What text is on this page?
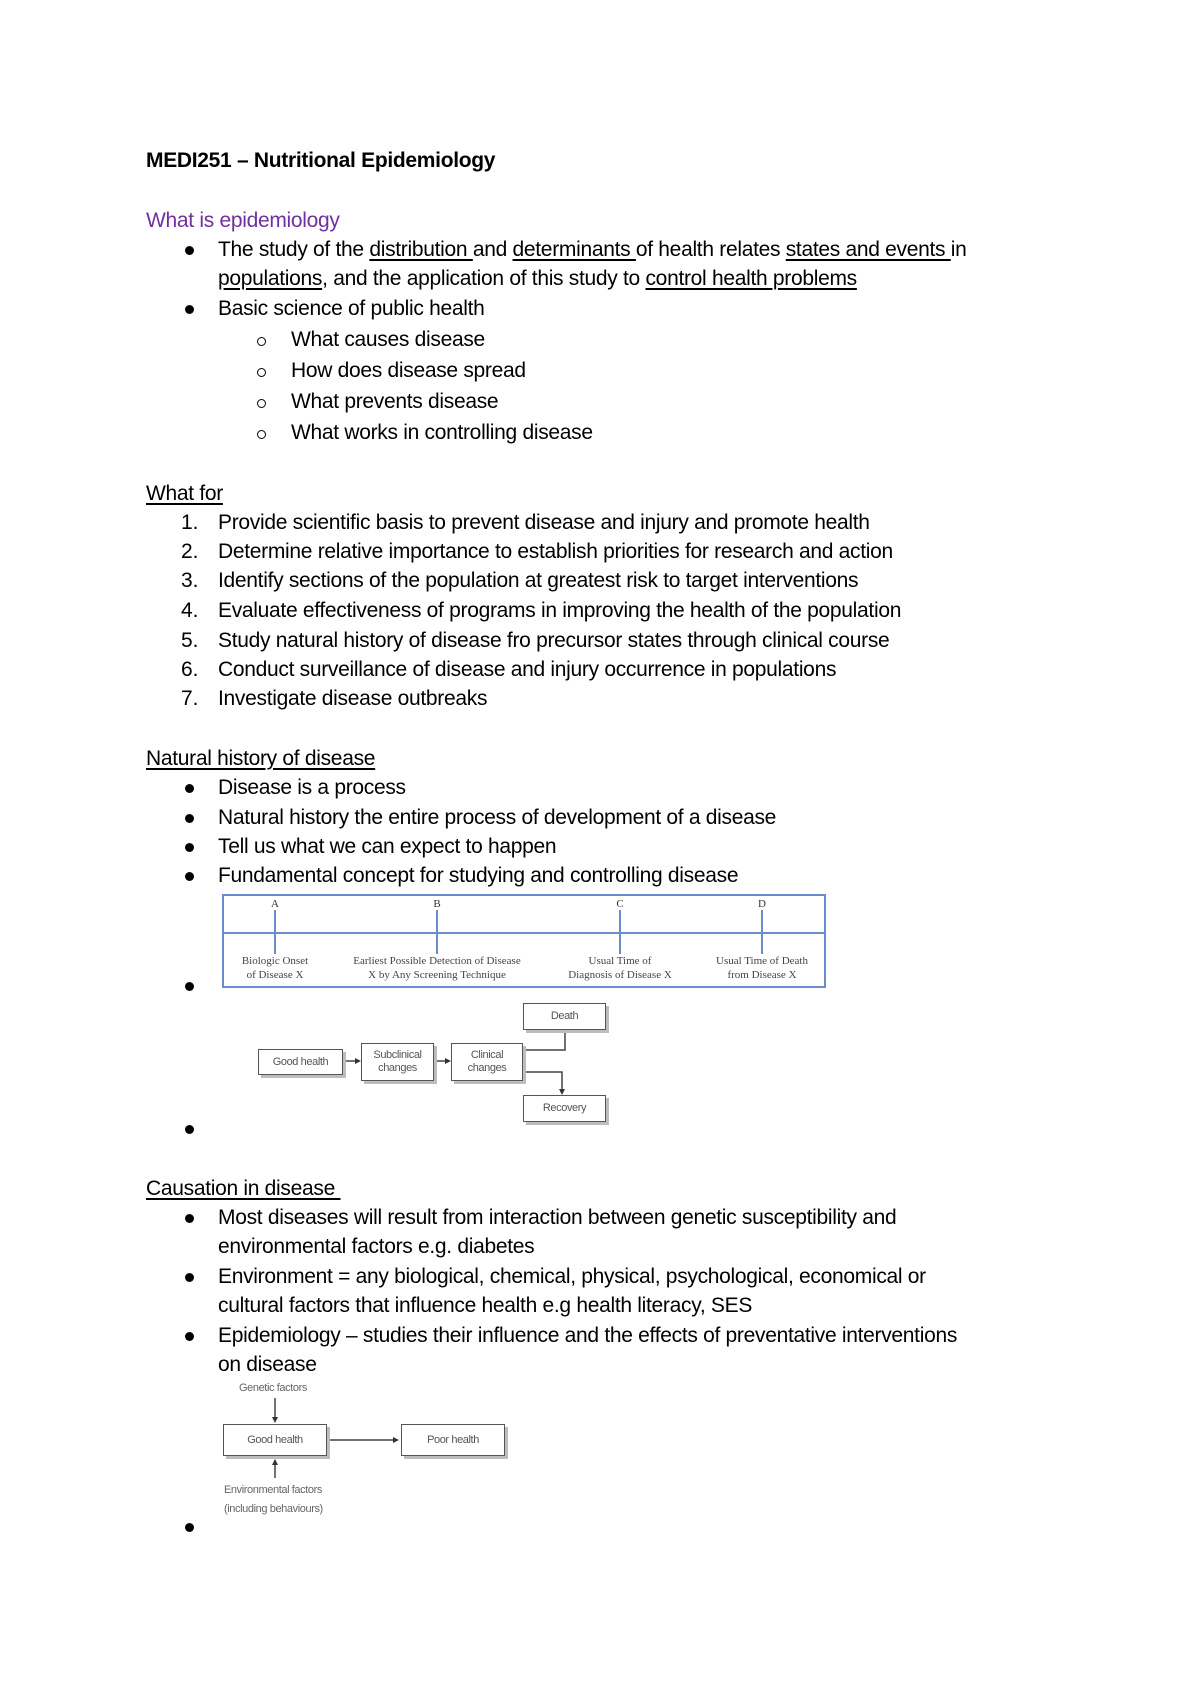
MEDI251 – Nutritional Epidemiology
What is epidemiology
The study of the distribution and determinants of health relates states and events in
populations, and the application of this study to control health problems
Basic science of public health
What causes disease
How does disease spread
What prevents disease
What works in controlling disease
What for
1. Provide scientific basis to prevent disease and injury and promote health
2. Determine relative importance to establish priorities for research and action
3. Identify sections of the population at greatest risk to target interventions
4. Evaluate effectiveness of programs in improving the health of the population
5. Study natural history of disease fro precursor states through clinical course
6. Conduct surveillance of disease and injury occurrence in populations
7. Investigate disease outbreaks
Natural history of disease
Disease is a process
Natural history the entire process of development of a disease
Tell us what we can expect to happen
Fundamental concept for studying and controlling disease
A	B	C	D
Biologic Onset
of Disease X
Earliest Possible Detection of Disease
X by Any Screening Technique
Usual Time of
Diagnosis of Disease X
Usual Time of Death
from Disease X
Good health
Subclinical
changes
Clinical
changes
Death
Recovery
Causation in disease
Most diseases will result from interaction between genetic susceptibility and
environmental factors e.g. diabetes
Environment = any biological, chemical, physical, psychological, economical or
cultural factors that influence health e.g health literacy, SES
Epidemiology – studies their influence and the effects of preventative interventions
on disease
Genetic factors
Good health	Poor health
Environmental factors
(including behaviours)
